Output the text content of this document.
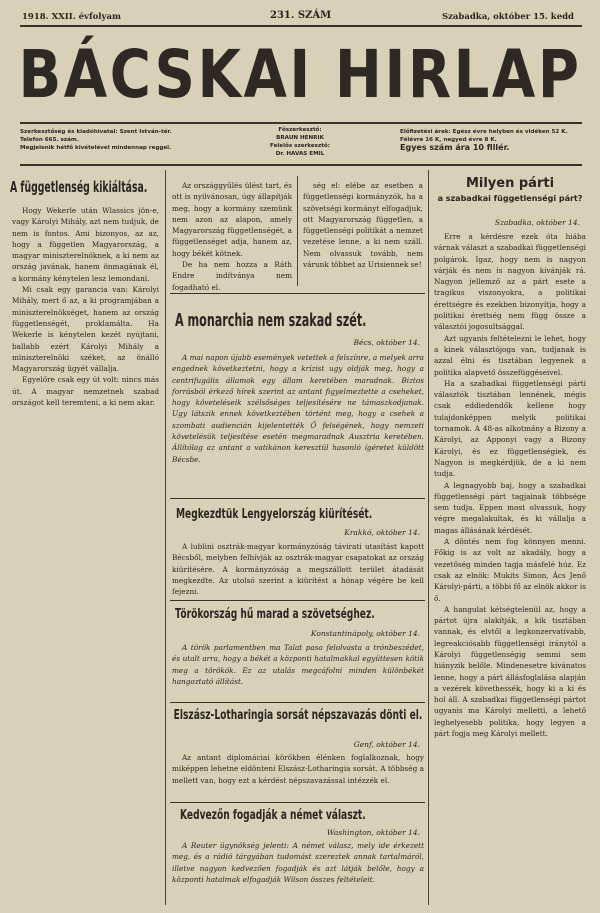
1918. XXII. évfolyam	231. SZÁM	Szabadka, október 15. kedd
BÁCSKAI HIRLAP
Szerkesztőség és kiadóhivatal: Szent István-tér.
Telefon 665. szám.
Megjelenik hétfő kivételével mindennap reggel.
Főszerkesztő:
BRAUN HENRIK
Felelős szerkesztő:
Dr. HAVAS EMIL
Előfizetési árak: Egész évre helyben és vidéken 52 K.
Félévre 16 K, negyed évre 8 K.
Egyes szám ára 10 fillér.
A függetlenség kikiáltása.

Hogy Wekerle után Wlassics jön-e, vagy Károlyi Mihály, azt nem tudjuk, de nem is fontos. Ami bizonyos, az az, hogy a független Magyarország, a magyar miniszterelnöknek, a ki nem az ország javának, hanem önmagának él, a kormány kénytelen lesz lemondani.

Mi csak egy garancia van: Károlyi Mihály, mert ő az, a ki programjában a miniszterelnökséget, hanem az ország függetlenségét, proklamálta. Ha Wekerle is kénytelen kezét nyújtani, ballabb ezért Károlyi Mihály a miniszterelnöki széket, az önálló Magyarország ügyét vállalja.

Egyelőre csak egy út volt: nincs más út. A magyar nemzetnek szabad országot kell teremteni, a ki nem akar.

Az országgyűlés ülést tart, és ott is nyilvánosan, úgy állapítják meg, hogy a kormány szemünk nem azon az alapon, amely Magyarország függetlenségét, a függetlenséget adja, hanem az, hogy békét kötnek.

De ha nem hozza a Ráth Endre indítványa nem fogadható el.

ség el: elébe az esetben a függetlenségi kormányzók, ha a szövetségi kormányt elfogadjuk, ott Magyarország független, a függetlenségi politikát a nemzet vezetése lenne, a ki nem száll. Nem olvassuk tovább, nem várunk többet az Urisiennek se!

A monarchia nem szakad szét.
Bécs, október 14.

A mai napon újabb események vetettek a felszínre, a melyek arra engednek következtetni, hogy a krízist ugy oldják meg, hogy a centrifugális államok egy állam keretében maradnak. Biztos forrásból érkező hírek szerint az antant figyelmeztette a cseheket, hogy követeléseik szélsőséges teljesítésére ne támaszkodjanak. Ugy látszik ennek következtében történt meg, hogy a csehek a szombati audiencián kijelentették Ő felségének, hogy nemzeti követelésük teljesítése esetén megmaradnak Ausztria keretében. Állítólag az antant a vatikánon keresztül hasonló ígéretet küldött Bécsbe.

Megkezdtük Lengyelország kiürítését.
Krakkó, október 14.

A lublini osztrák-magyar kormányzóság távirati utasítást kapott Bécsből, melyben felhívják az osztrák-magyar csapatokat az ország kiürítésére. A kormányzóság a megszállott terület átadását megkezdte. Az utolsó szerint a kiürítést a hónap végére be kell fejezni.

Törökország hű marad a szövetséghez.
Konstantinápoly, október 14.

A török parlamentben ma Talat pasa felolvasta a trónbeszédet, és utalt arra, hogy a békét a központi hatalmakkal együttesen kötik meg a törökök. Ez az utalás megcáfolni minden különbékét hangoztató állítást.

Elszász-Lotharingia sorsát népszavazás dönti el.
Genf, október 14.

Az antant diplomáciai körökben élénken foglalkoznak, hogy miképpen lehetne eldönteni Elszász-Lotharingia sorsát. A többség a mellett van, hogy ezt a kérdést népszavazással intézzék el.

Kedvezőn fogadják a német választ.
Washington, október 14.

A Reuter ügynökség jelenti: A német válasz, mely ide érkezett meg, és a rádió tárgyában tudomást szereztek annak tartalmáról, illetve nagyon kedvezően fogadják és azt látják belőle, hogy a központi hatalmak elfogadják Wilson összes feltételeit.

Milyen párti
a szabadkai függetlenségi párt?
Szabadka, október 14.

Erre a kérdésre ezek óta hiába várnak választ a szabadkai függetlenségi polgárok. Igaz, hogy nem is nagyon várják és nem is nagyon kívánják rá. Nagyon jellemző az a párt esete a tragikus viszonyokra, a politikai érettségre és ezekben bizonyítja, hogy a politikai érettség nem függ össze a választói jogosultsággal.

Azt ugyanis feltételezni le lehet, hogy a kinek választójoga van, tudjanak is azzal élni és tisztában legyenek a politika alapvető összefüggéseivel.

Ha a szabadkai függetlenségi párti választók tisztában lennének, mégis csak eddiedendők kellene hogy tulajdonképpen melyik politikai tornamok. A 48-as alkotmány a Bizony a Károlyi, az Apponyi vagy a Bizony Károlyi, és ez függetlenségiek, és Nagyon is megkérdjük, de a ki nem tudja.

A legnagyobb baj, hogy a szabadkai függetlenségi párt tagjainak többsége sem tudja. Eppen most olvassuk, hogy végre megalakultak, és ki vállalja a magas állásának kérdését.

A döntés nem fog könnyen menni. Főkig is az volt az akadály, hogy a vezetőség minden tagja másfelé húz. Ez csak az elnök: Mukits Simon, Ács Jenő Károlyi-párti, a többi fő az elnök akkor is ő.

A hangulat kétségtelenül az, hogy a pártot újra alakítják, a kik tisztában vannak, és elvtől a legkonzervatívabb, legreakciósabb függetlenségi iránytól a Károlyi függetlenségig semmi sem hiányzik belőle. Mindenesetre kívánatos lenne, hogy a párt állásfoglalása alapján a vezérek követhessék, hogy ki a ki és hol áll. A szabadkai függetlenségi pártot ugyanis ma Károlyi melletti, a lehető leghelyesebb politika, hogy legyen a párt fogja meg Károlyi mellett.
